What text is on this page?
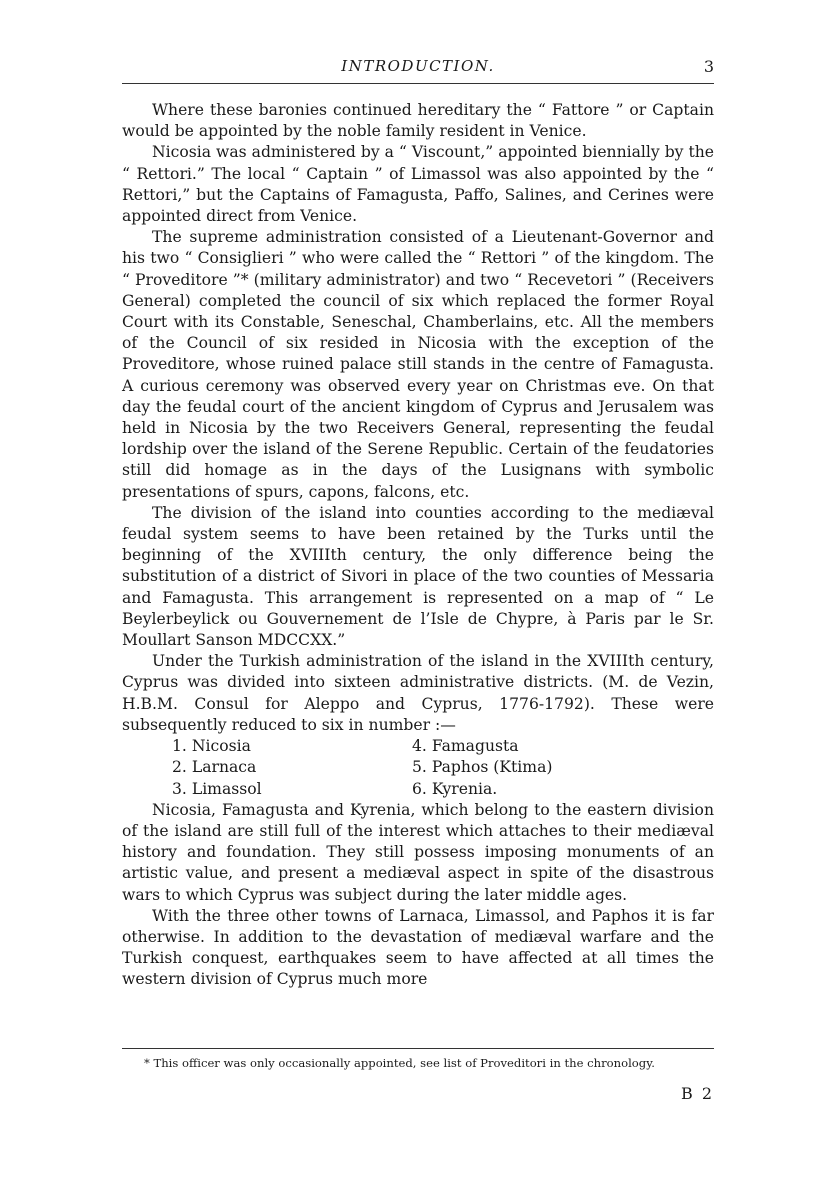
INTRODUCTION.	3

Where these baronies continued hereditary the “ Fattore ” or Captain would be appointed by the noble family resident in Venice.

Nicosia was administered by a “ Viscount,” appointed biennially by the “ Rettori.” The local “ Captain ” of Limassol was also appointed by the “ Rettori,” but the Captains of Famagusta, Paffo, Salines, and Cerines were appointed direct from Venice.

The supreme administration consisted of a Lieutenant-Governor and his two “ Consiglieri ” who were called the “ Rettori ” of the kingdom. The “ Proveditore ”* (military administrator) and two “ Recevetori ” (Receivers General) completed the council of six which replaced the former Royal Court with its Constable, Seneschal, Chamberlains, etc. All the members of the Council of six resided in Nicosia with the exception of the Proveditore, whose ruined palace still stands in the centre of Famagusta. A curious ceremony was observed every year on Christmas eve. On that day the feudal court of the ancient kingdom of Cyprus and Jerusalem was held in Nicosia by the two Receivers General, representing the feudal lordship over the island of the Serene Republic. Certain of the feudatories still did homage as in the days of the Lusignans with symbolic presentations of spurs, capons, falcons, etc.

The division of the island into counties according to the mediæval feudal system seems to have been retained by the Turks until the beginning of the XVIIIth century, the only difference being the substitution of a district of Sivori in place of the two counties of Messaria and Famagusta. This arrangement is represented on a map of “ Le Beylerbeylick ou Gouvernement de l’Isle de Chypre, à Paris par le Sr. Moullart Sanson MDCCXX.”

Under the Turkish administration of the island in the XVIIIth century, Cyprus was divided into sixteen administrative districts. (M. de Vezin, H.B.M. Consul for Aleppo and Cyprus, 1776-1792). These were subsequently reduced to six in number :—

1. Nicosia	4. Famagusta
2. Larnaca	5. Paphos (Ktima)
3. Limassol	6. Kyrenia.

Nicosia, Famagusta and Kyrenia, which belong to the eastern division of the island are still full of the interest which attaches to their mediæval history and foundation. They still possess imposing monuments of an artistic value, and present a mediæval aspect in spite of the disastrous wars to which Cyprus was subject during the later middle ages.

With the three other towns of Larnaca, Limassol, and Paphos it is far otherwise. In addition to the devastation of mediæval warfare and the Turkish conquest, earthquakes seem to have affected at all times the western division of Cyprus much more

* This officer was only occasionally appointed, see list of Proveditori in the chronology.

B 2
